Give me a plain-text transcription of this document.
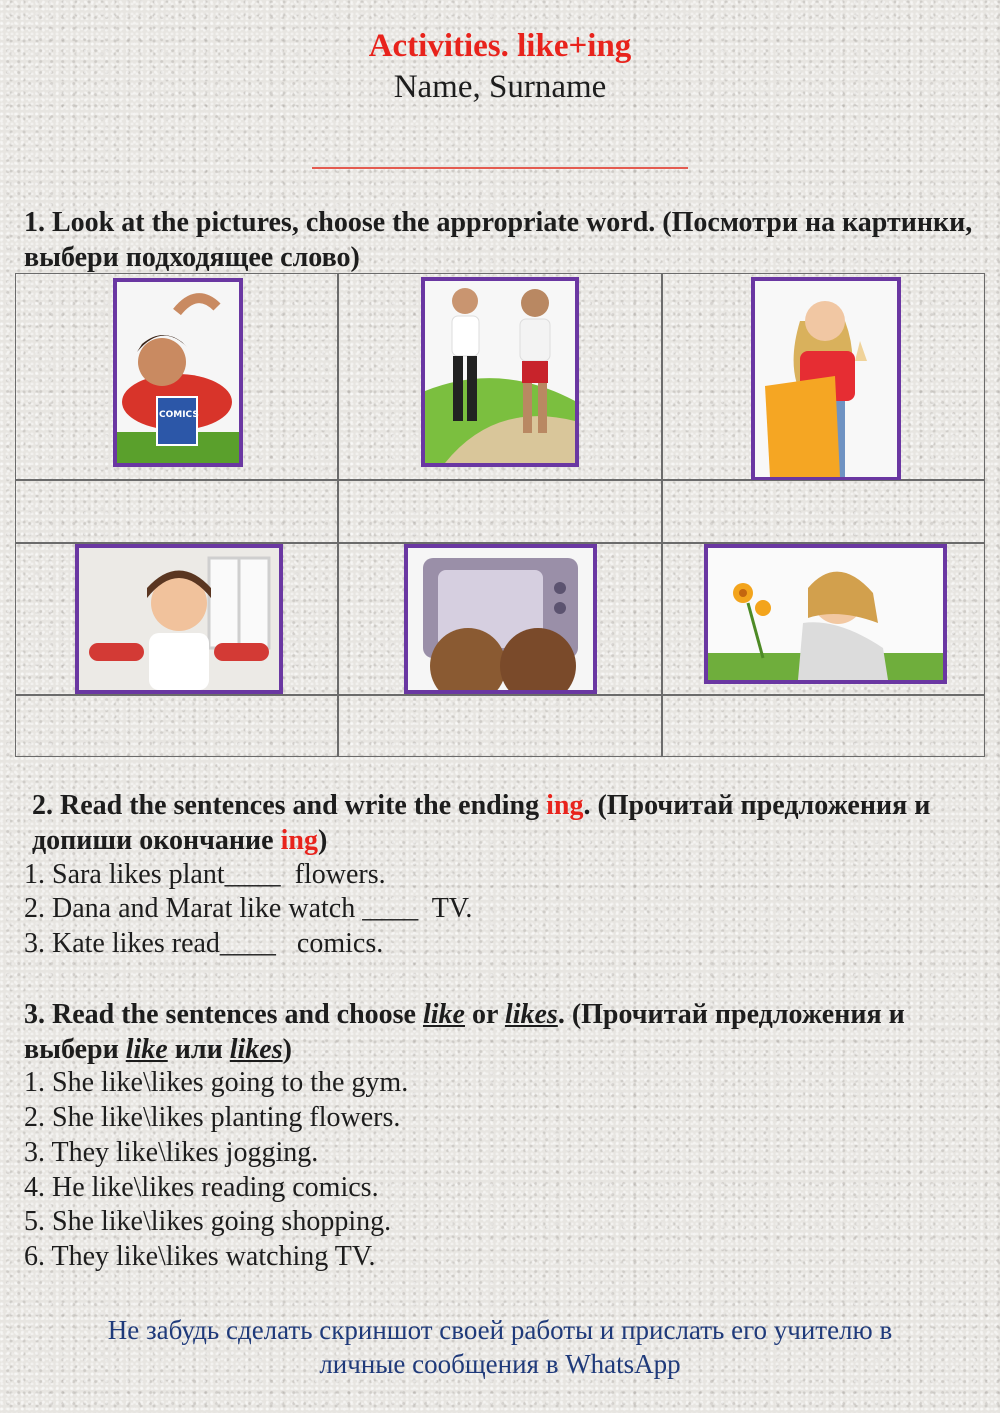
Activities. like+ing
Name, Surname
1. Look at the pictures, choose the appropriate word. (Посмотри на картинки, выбери подходящее слово)
COMICS
2. Read the sentences and write the ending ing. (Прочитай предложения и допиши окончание ing)
1. Sara likes plant____  flowers.
2. Dana and Marat like watch ____  TV.
3. Kate likes read____   comics.
3. Read the sentences and choose like or likes. (Прочитай предложения и выбери like или likes)
1. She like\likes going to the gym.
2. She like\likes planting flowers.
3. They like\likes jogging.
4. He like\likes reading comics.
5. She like\likes going shopping.
6. They like\likes watching TV.
Не забудь сделать скриншот своей работы и прислать его учителю в
личные сообщения в WhatsApp
